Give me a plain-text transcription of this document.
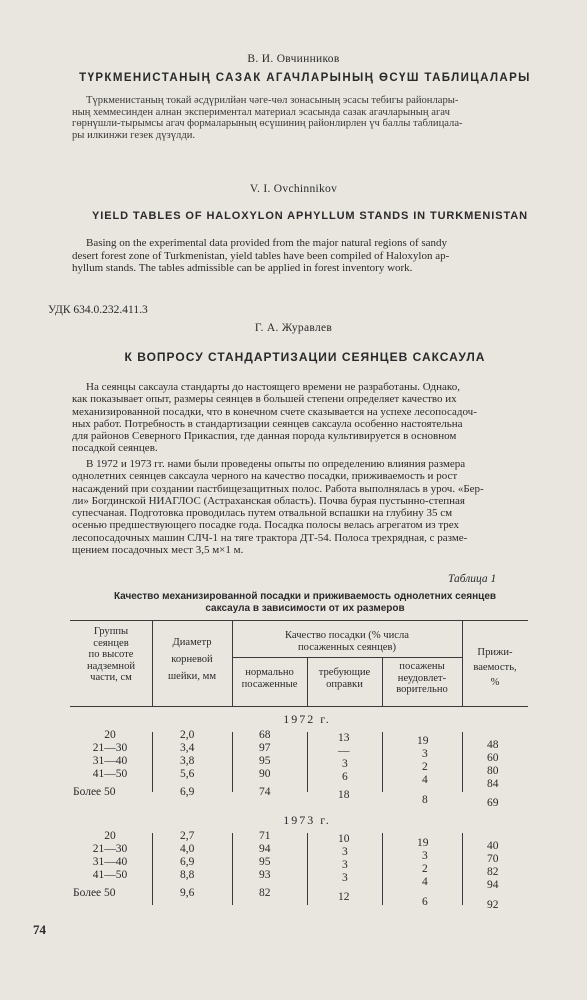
В. И. Овчинников
ТҮРКМЕНИСТАНЫҢ САЗАК АГАЧЛАРЫНЫҢ ӨСҮШ ТАБЛИЦАЛАРЫ
Түркменистаның токай әсдүрилйән чәге-чөл зонасының эсасы тебигы районлары-
ның хеммесинден алнан экспериментал материал эсасында сазак агачларының агач
гөрнүшли-тырымсы агач формаларының өсүшиниң районлирлен үч баллы таблицала-
ры илкинжи гезек дүзүлди.
V. I. Ovchinnikov
YIELD TABLES OF HALOXYLON APHYLLUM STANDS IN TURKMENISTAN
Basing on the experimental data provided from the major natural regions of sandy
desert forest zone of Turkmenistan, yield tables have been compiled of Haloxylon ap-
hyllum stands. The tables admissible can be applied in forest inventory work.
УДК 634.0.232.411.3
Г. А. Журавлев
К ВОПРОСУ СТАНДАРТИЗАЦИИ СЕЯНЦЕВ САКСАУЛА
На сеянцы саксаула стандарты до настоящего времени не разработаны. Однако,
как показывает опыт, размеры сеянцев в большей степени определяет качество их
механизированной посадки, что в конечном счете сказывается на успехе лесопосадоч-
ных работ. Потребность в стандартизации сеянцев саксаула особенно настоятельна
для районов Северного Прикаспия, где данная порода культивируется в основном
посадкой сеянцев.
В 1972 и 1973 гг. нами были проведены опыты по определению влияния размера
однолетних сеянцев саксаула черного на качество посадки, приживаемость и рост
насаждений при создании пастбищезащитных полос. Работа выполнялась в уроч. «Бер-
ли» Богдинской НИАГЛОС (Астраханская область). Почва бурая пустынно-степная
супесчаная. Подготовка проводилась путем отвальной вспашки на глубину 35 см
осенью предшествующего посадке года. Посадка полосы велась агрегатом из трех
лесопосадочных машин СЛЧ-1 на тяге трактора ДТ-54. Полоса трехрядная, с разме-
щением посадочных мест 3,5 м×1 м.
Таблица 1
Качество механизированной посадки и приживаемость однолетних сеянцев
саксаула в зависимости от их размеров
Группы
сеянцев
по высоте
надземной
части, см
Диаметр
корневой
шейки, мм
Качество посадки (% числа
посаженных сеянцев)
нормально
посаженные
требующие
оправки
посажены
неудовлет-
ворительно
Прижи-
ваемость,
%
1972 г.
1973 г.
20
21—30
31—40
41—50
Более 50
2,0
3,4
3,8
5,6
6,9
68
97
95
90
74
13
—
3
6
18
19
3
2
4
8
48
60
80
84
69
20
21—30
31—40
41—50
Более 50
2,7
4,0
6,9
8,8
9,6
71
94
95
93
82
10
3
3
3
12
19
3
2
4
6
40
70
82
94
92
74
